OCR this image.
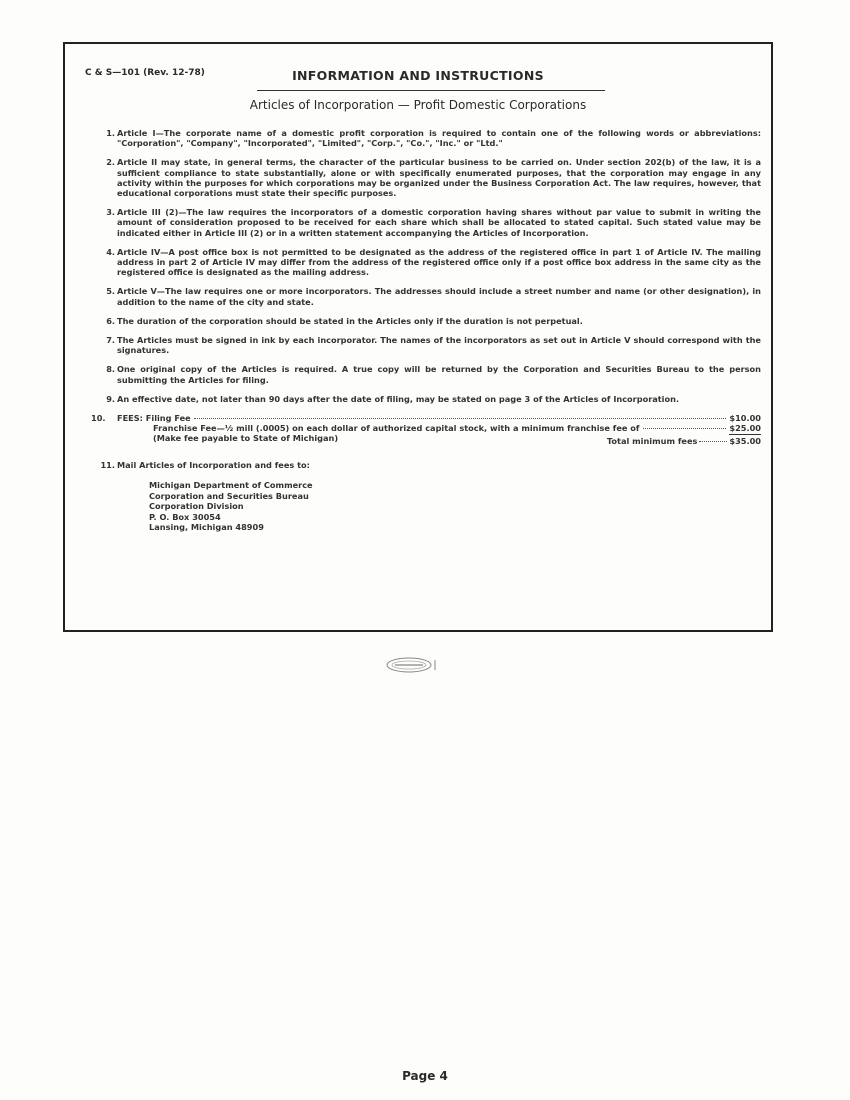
C & S—101 (Rev. 12-78)	INFORMATION AND INSTRUCTIONS
Articles of Incorporation — Profit Domestic Corporations
1. Article I—The corporate name of a domestic profit corporation is required to contain one of the following words or abbreviations: "Corporation", "Company", "Incorporated", "Limited", "Corp.", "Co.", "Inc." or "Ltd."
2. Article II may state, in general terms, the character of the particular business to be carried on. Under section 202(b) of the law, it is a sufficient compliance to state substantially, alone or with specifically enumerated purposes, that the corporation may engage in any activity within the purposes for which corporations may be organized under the Business Corporation Act. The law requires, however, that educational corporations must state their specific purposes.
3. Article III (2)—The law requires the incorporators of a domestic corporation having shares without par value to submit in writing the amount of consideration proposed to be received for each share which shall be allocated to stated capital. Such stated value may be indicated either in Article III (2) or in a written statement accompanying the Articles of Incorporation.
4. Article IV—A post office box is not permitted to be designated as the address of the registered office in part 1 of Article IV. The mailing address in part 2 of Article IV may differ from the address of the registered office only if a post office box address in the same city as the registered office is designated as the mailing address.
5. Article V—The law requires one or more incorporators. The addresses should include a street number and name (or other designation), in addition to the name of the city and state.
6. The duration of the corporation should be stated in the Articles only if the duration is not perpetual.
7. The Articles must be signed in ink by each incorporator. The names of the incorporators as set out in Article V should correspond with the signatures.
8. One original copy of the Articles is required. A true copy will be returned by the Corporation and Securities Bureau to the person submitting the Articles for filing.
9. An effective date, not later than 90 days after the date of filing, may be stated on page 3 of the Articles of Incorporation.
10. FEES: Filing Fee	$10.00
Franchise Fee—½ mill (.0005) on each dollar of authorized capital stock, with a minimum franchise fee of	$25.00
(Make fee payable to State of Michigan)	Total minimum fees	$35.00
11. Mail Articles of Incorporation and fees to:
Michigan Department of Commerce
Corporation and Securities Bureau
Corporation Division
P. O. Box 30054
Lansing, Michigan 48909
Page 4
